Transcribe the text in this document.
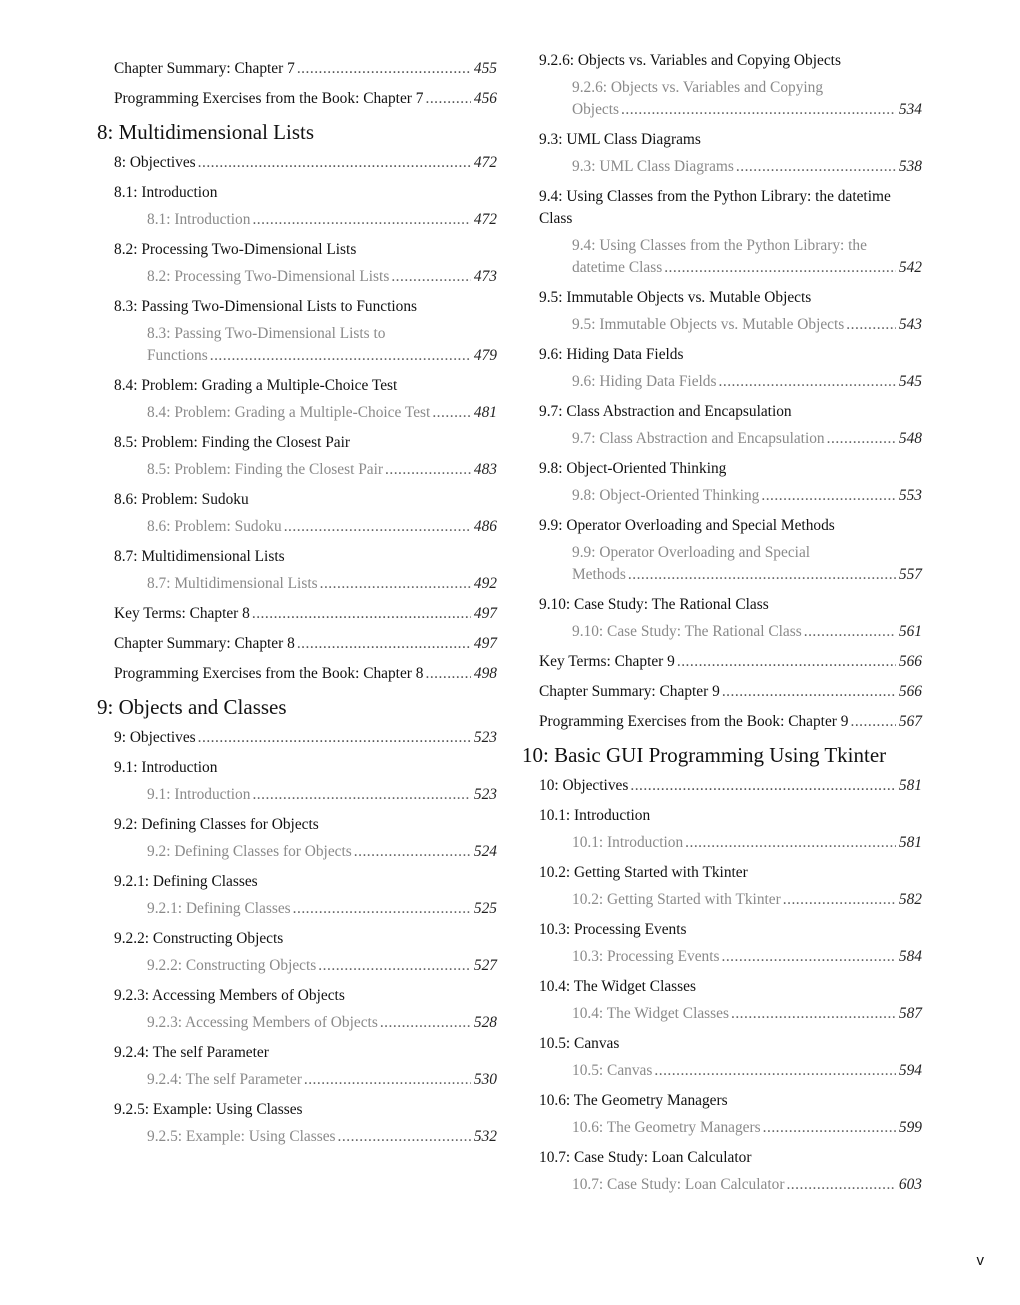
Chapter Summary: Chapter 7 .....	455
Programming Exercises from the Book: Chapter 7 .....	456
8: Multidimensional Lists
8: Objectives .....	472
8.1: Introduction
8.1: Introduction .....	472
8.2: Processing Two-Dimensional Lists
8.2: Processing Two-Dimensional Lists .....	473
8.3: Passing Two-Dimensional Lists to Functions
8.3: Passing Two-Dimensional Lists to
Functions .....	479
8.4: Problem: Grading a Multiple-Choice Test
8.4: Problem: Grading a Multiple-Choice Test .....	481
8.5: Problem: Finding the Closest Pair
8.5: Problem: Finding the Closest Pair .....	483
8.6: Problem: Sudoku
8.6: Problem: Sudoku .....	486
8.7: Multidimensional Lists
8.7: Multidimensional Lists .....	492
Key Terms: Chapter 8 .....	497
Chapter Summary: Chapter 8 .....	497
Programming Exercises from the Book: Chapter 8 .....	498
9: Objects and Classes
9: Objectives .....	523
9.1: Introduction
9.1: Introduction .....	523
9.2: Defining Classes for Objects
9.2: Defining Classes for Objects .....	524
9.2.1: Defining Classes
9.2.1: Defining Classes .....	525
9.2.2: Constructing Objects
9.2.2: Constructing Objects .....	527
9.2.3: Accessing Members of Objects
9.2.3: Accessing Members of Objects .....	528
9.2.4: The self Parameter
9.2.4: The self Parameter .....	530
9.2.5: Example: Using Classes
9.2.5: Example: Using Classes .....	532
9.2.6: Objects vs. Variables and Copying Objects
9.2.6: Objects vs. Variables and Copying
Objects .....	534
9.3: UML Class Diagrams
9.3: UML Class Diagrams .....	538
9.4: Using Classes from the Python Library: the datetime
Class
9.4: Using Classes from the Python Library: the
datetime Class .....	542
9.5: Immutable Objects vs. Mutable Objects
9.5: Immutable Objects vs. Mutable Objects .....	543
9.6: Hiding Data Fields
9.6: Hiding Data Fields .....	545
9.7: Class Abstraction and Encapsulation
9.7: Class Abstraction and Encapsulation .....	548
9.8: Object-Oriented Thinking
9.8: Object-Oriented Thinking .....	553
9.9: Operator Overloading and Special Methods
9.9: Operator Overloading and Special
Methods .....	557
9.10: Case Study: The Rational Class
9.10: Case Study: The Rational Class .....	561
Key Terms: Chapter 9 .....	566
Chapter Summary: Chapter 9 .....	566
Programming Exercises from the Book: Chapter 9 .....	567
10: Basic GUI Programming Using Tkinter
10: Objectives .....	581
10.1: Introduction
10.1: Introduction .....	581
10.2: Getting Started with Tkinter
10.2: Getting Started with Tkinter .....	582
10.3: Processing Events
10.3: Processing Events .....	584
10.4: The Widget Classes
10.4: The Widget Classes .....	587
10.5: Canvas
10.5: Canvas .....	594
10.6: The Geometry Managers
10.6: The Geometry Managers .....	599
10.7: Case Study: Loan Calculator
10.7: Case Study: Loan Calculator .....	603
v
